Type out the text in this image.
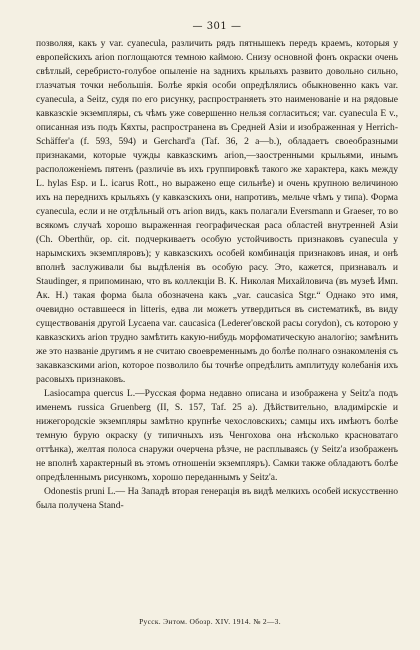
— 301 —

позволяя, какъ у var. cyanecula, различить рядъ пятнышекъ передъ краемъ, которыя у европейскихъ arion поглощаются темною каймою. Снизу основной фонъ окраски очень свѣтлый, серебристо-голубое опыленіе на заднихъ крыльяхъ развито довольно сильно, глазчатыя точки небольшія. Болѣе яркія особи опредѣлялись обыкновенно какъ var. cyanecula, а Seitz, судя по его рисунку, распространяеть это наименованіе и на рядовые кавказскіе экземпляры, съ чѣмъ уже совершенно нельзя согласиться; var. cyanecula E v., описанная изъ подъ Кяхты, распространена въ Средней Азіи и изображенная у Herrich-Schäffer'a (f. 593, 594) и Gerchard'a (Taf. 36, 2 a—b.), обладаетъ своеобразными признаками, которые чужды кавказскимъ arion,—заостренными крыльями, инымъ расположеніемъ пятенъ (различіе въ ихъ группировкѣ такого же характера, какъ между L. hylas Esp. и L. icarus Rott., но выражено еще сильнѣе) и очень крупною величиною ихъ на переднихъ крыльяхъ (у кавказскихъ они, напротивъ, мельче чѣмъ у типа). Форма cyanecula, если и не отдѣльный отъ arion видъ, какъ полагали Eversmann и Graeser, то во всякомъ случаѣ хорошо выраженная географическая раса областей внутренней Азіи (Ch. Oberthür, op. cit. подчеркиваетъ особую устойчивость признаковъ cyanecula у нарымскихъ экземпляровъ); у кавказскихъ особей комбинація признаковъ иная, и онѣ вполнѣ заслуживали бы выдѣленія въ особую расу. Это, кажется, признавалъ и Staudinger, я припоминаю, что въ коллекціи В. К. Николая Михайловича (въ музеѣ Имп. Ак. Н.) такая форма была обозначена какъ „var. caucasica Stgr.“ Однако это имя, очевидно оставшееся in litteris, едва ли можетъ утвердиться въ систематикѣ, въ виду существованія другой Lycaena var. caucasica (Lederer'овской расы corydon), съ которою у кавказскихъ arion трудно замѣтить какую-нибудь морфоматическую аналогію; замѣнить же это названіе другимъ я не считаю своевременнымъ до болѣе полнаго ознакомленія съ закавказскими arion, которое позволило бы точнѣе опредѣлить амплитуду колебанія ихъ расовыхъ признаковъ.

Lasiocampa quercus L.—Русская форма недавно описана и изображена у Seitz'a подъ именемъ russica Gruenberg (II, S. 157, Taf. 25 a). Дѣйствительно, владимірскіе и нижегородскіе экземпляры замѣтно крупнѣе чехословскихъ; самцы ихъ имѣютъ болѣе темную бурую окраску (у типичныхъ изъ Ченгохова она нѣсколько красноватаго оттѣнка), желтая полоса снаружи очерчена рѣзче, не расплываясь (у Seitz'a изображенъ не вполнѣ характерный въ этомъ отношеніи экземпляръ). Самки также обладаютъ болѣе опредѣленнымъ рисункомъ, хорошо переданнымъ у Seitz'a.

Odonestis pruni L.— На Западѣ вторая генерація въ видѣ мелкихъ особей искусственно была получена Stand-

Русск. Энтом. Обозр. XIV. 1914. № 2—3.
